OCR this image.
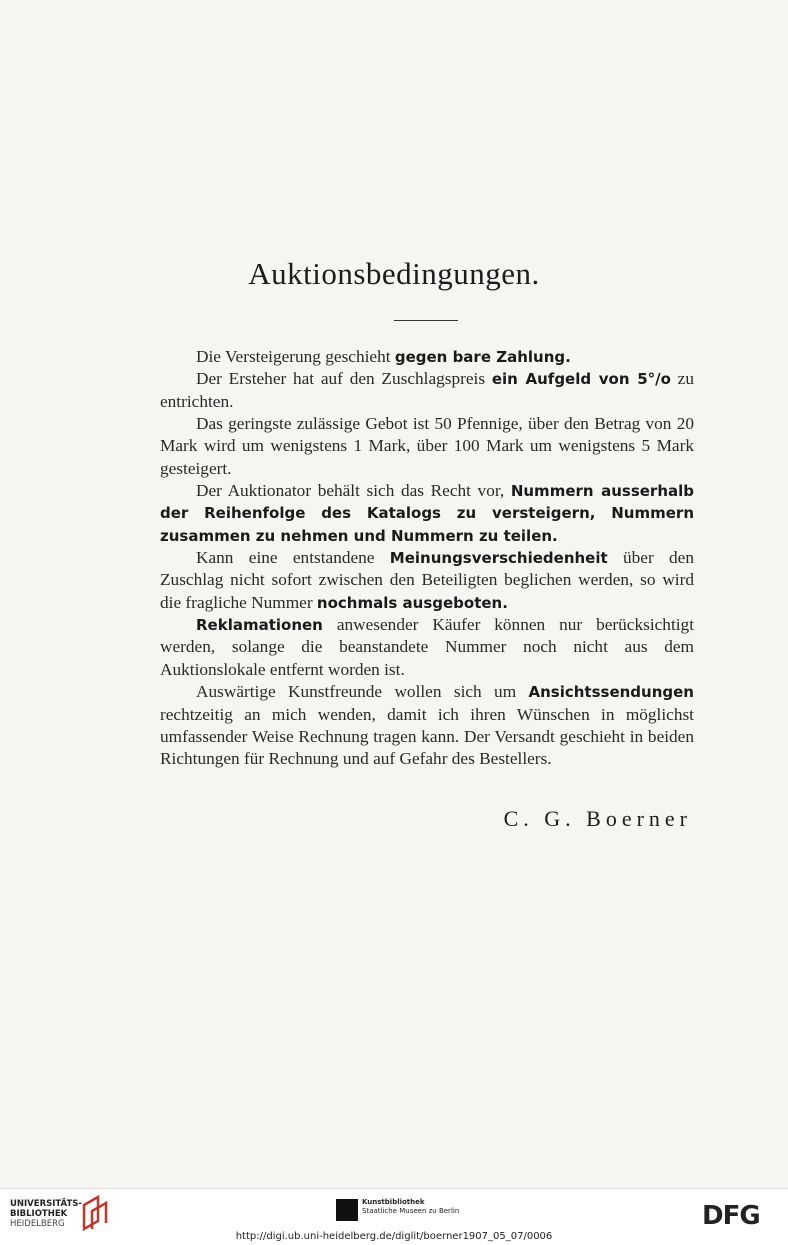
Auktionsbedingungen.

Die Versteigerung geschieht gegen bare Zahlung.

Der Ersteher hat auf den Zuschlagspreis ein Aufgeld von 5°/o zu entrichten.

Das geringste zulässige Gebot ist 50 Pfennige, über den Betrag von 20 Mark wird um wenigstens 1 Mark, über 100 Mark um wenigstens 5 Mark gesteigert.

Der Auktionator behält sich das Recht vor, Nummern ausserhalb der Reihenfolge des Katalogs zu versteigern, Nummern zusammen zu nehmen und Nummern zu teilen.

Kann eine entstandene Meinungsverschiedenheit über den Zuschlag nicht sofort zwischen den Beteiligten beglichen werden, so wird die fragliche Nummer nochmals ausgeboten.

Reklamationen anwesender Käufer können nur berücksichtigt werden, solange die beanstandete Nummer noch nicht aus dem Auktionslokale entfernt worden ist.

Auswärtige Kunstfreunde wollen sich um Ansichtssendungen rechtzeitig an mich wenden, damit ich ihren Wünschen in möglichst umfassender Weise Rechnung tragen kann. Der Versandt geschieht in beiden Richtungen für Rechnung und auf Gefahr des Bestellers.

C. G. Boerner
UNIVERSITÄTS-
BIBLIOTHEK
HEIDELBERG
Kunstbibliothek
Staatliche Museen zu Berlin	DFG
http://digi.ub.uni-heidelberg.de/diglit/boerner1907_05_07/0006
